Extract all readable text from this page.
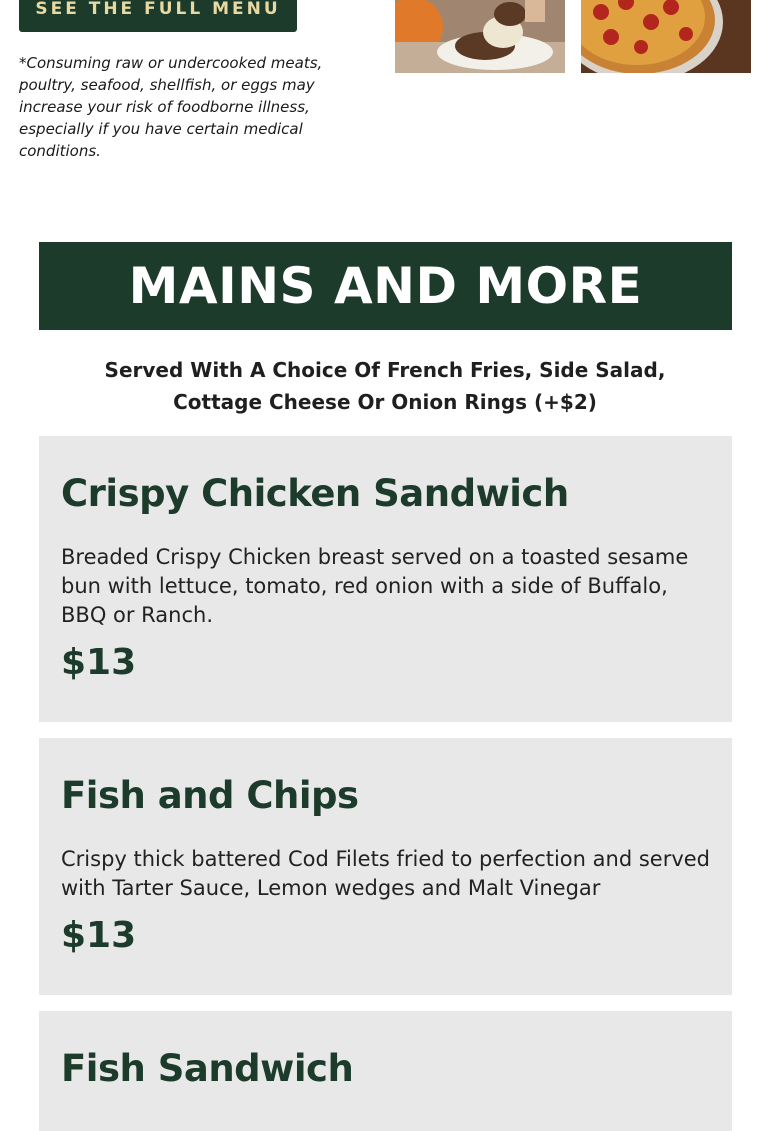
SEE THE FULL MENU
*Consuming raw or undercooked meats, poultry, seafood, shellfish, or eggs may increase your risk of foodborne illness, especially if you have certain medical conditions.
MAINS AND MORE
Served With A Choice Of French Fries, Side Salad, Cottage Cheese Or Onion Rings (+$2)
Crispy Chicken Sandwich

Breaded Crispy Chicken breast served on a toasted sesame bun with lettuce, tomato, red onion with a side of Buffalo, BBQ or Ranch.

$13
Fish and Chips

Crispy thick battered Cod Filets fried to perfection and served with Tarter Sauce, Lemon wedges and Malt Vinegar

$13
Fish Sandwich
